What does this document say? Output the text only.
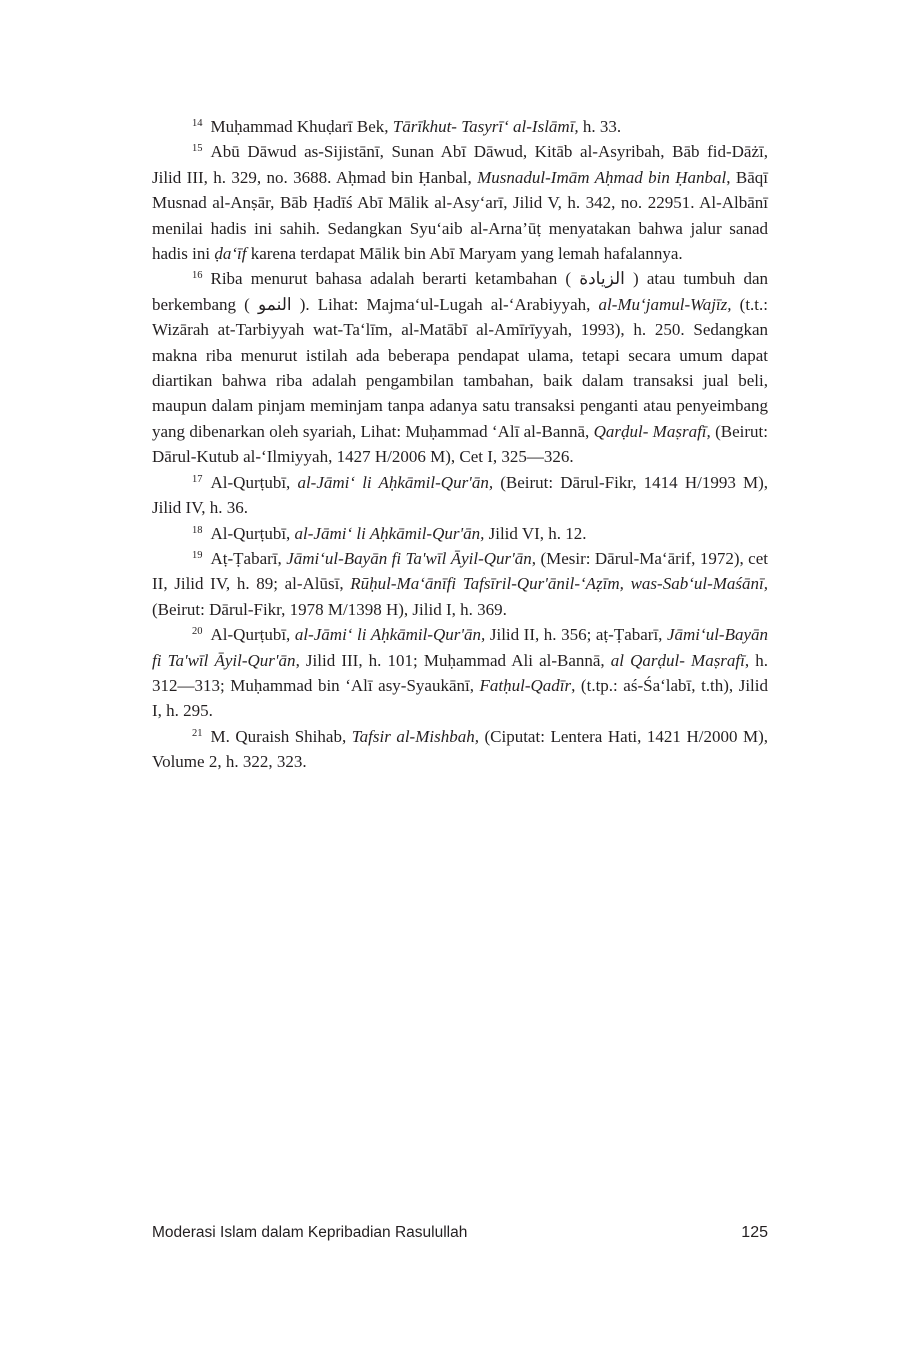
$^{14}$ Muḥammad Khuḍarī Bek, Tārīkhut- Tasyrī‘ al-Islāmī, h. 33.

$^{15}$ Abū Dāwud as-Sijistānī, Sunan Abī Dāwud, Kitāb al-Asyribah, Bāb fid-Dāżī, Jilid III, h. 329, no. 3688. Aḥmad bin Ḥanbal, Musnadul-Imām Aḥmad bin Ḥanbal, Bāqī Musnad al-Anṣār, Bāb Ḥadīś Abī Mālik al-Asy‘arī, Jilid V, h. 342, no. 22951. Al-Albānī menilai hadis ini sahih. Sedangkan Syu‘aib al-Arna’ūṭ menyatakan bahwa jalur sanad hadis ini ḍa‘īf karena terdapat Mālik bin Abī Maryam yang lemah hafalannya.

$^{16}$ Riba menurut bahasa adalah berarti ketambahan ( الزيادة ) atau tumbuh dan berkembang ( النمو ). Lihat: Majma‘ul-Lugah al-‘Arabiyyah, al-Mu‘jamul-Wajīz, (t.t.: Wizārah at-Tarbiyyah wat-Ta‘līm, al-Matābī al-Amīrīyyah, 1993), h. 250. Sedangkan makna riba menurut istilah ada beberapa pendapat ulama, tetapi secara umum dapat diartikan bahwa riba adalah pengambilan tambahan, baik dalam transaksi jual beli, maupun dalam pinjam meminjam tanpa adanya satu transaksi penganti atau penyeimbang yang dibenarkan oleh syariah, Lihat: Muḥammad ‘Alī al-Bannā, Qarḍul- Maṣrafī, (Beirut: Dārul-Kutub al-‘Ilmiyyah, 1427 H/2006 M), Cet I, 325—326.

$^{17}$ Al-Qurṭubī, al-Jāmi‘ li Aḥkāmil-Qur'ān, (Beirut: Dārul-Fikr, 1414 H/1993 M), Jilid IV, h. 36.

$^{18}$ Al-Qurṭubī, al-Jāmi‘ li Aḥkāmil-Qur'ān, Jilid VI, h. 12.

$^{19}$ Aṭ-Ṭabarī, Jāmi‘ul-Bayān fi Ta'wīl Āyil-Qur'ān, (Mesir: Dārul-Ma‘ārif, 1972), cet II, Jilid IV, h. 89; al-Alūsī, Rūḥul-Ma‘ānīfi Tafsīril-Qur'ānil-‘Aẓīm, was-Sab‘ul-Maśānī, (Beirut: Dārul-Fikr, 1978 M/1398 H), Jilid I, h. 369.

$^{20}$ Al-Qurṭubī, al-Jāmi‘ li Aḥkāmil-Qur'ān, Jilid II, h. 356; aṭ-Ṭabarī, Jāmi‘ul-Bayān fi Ta'wīl Āyil-Qur'ān, Jilid III, h. 101; Muḥammad Ali al-Bannā, al Qarḍul- Maṣrafī, h. 312—313; Muḥammad bin ‘Alī asy-Syaukānī, Fatḥul-Qadīr, (t.tp.: aś-Śa‘labī, t.th), Jilid I, h. 295.

$^{21}$ M. Quraish Shihab, Tafsir al-Mishbah, (Ciputat: Lentera Hati, 1421 H/2000 M), Volume 2, h. 322, 323.

Moderasi Islam dalam Kepribadian Rasulullah	125
